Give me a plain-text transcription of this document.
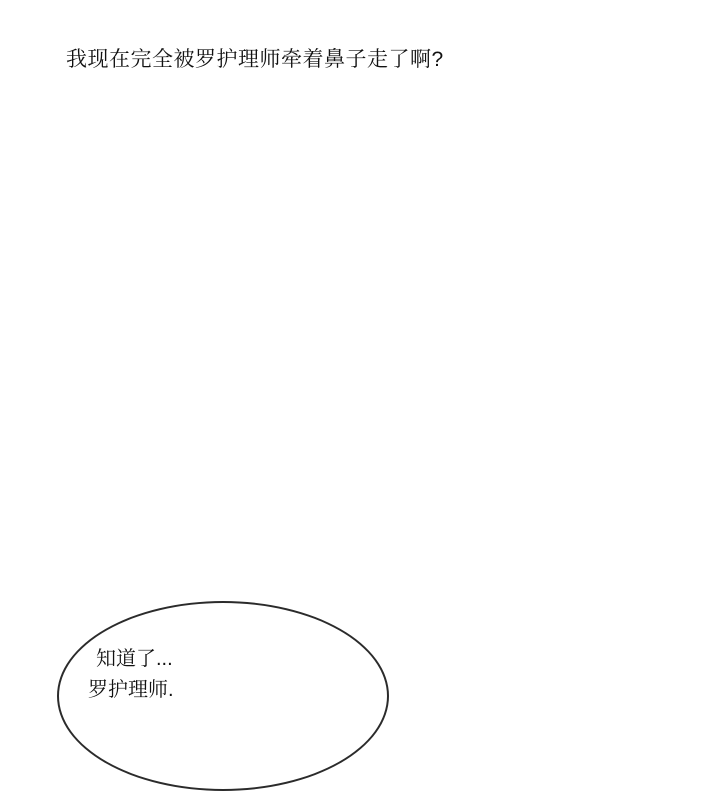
我现在完全被罗护理师牵着鼻子走了啊?
知道了...
罗护理师.
